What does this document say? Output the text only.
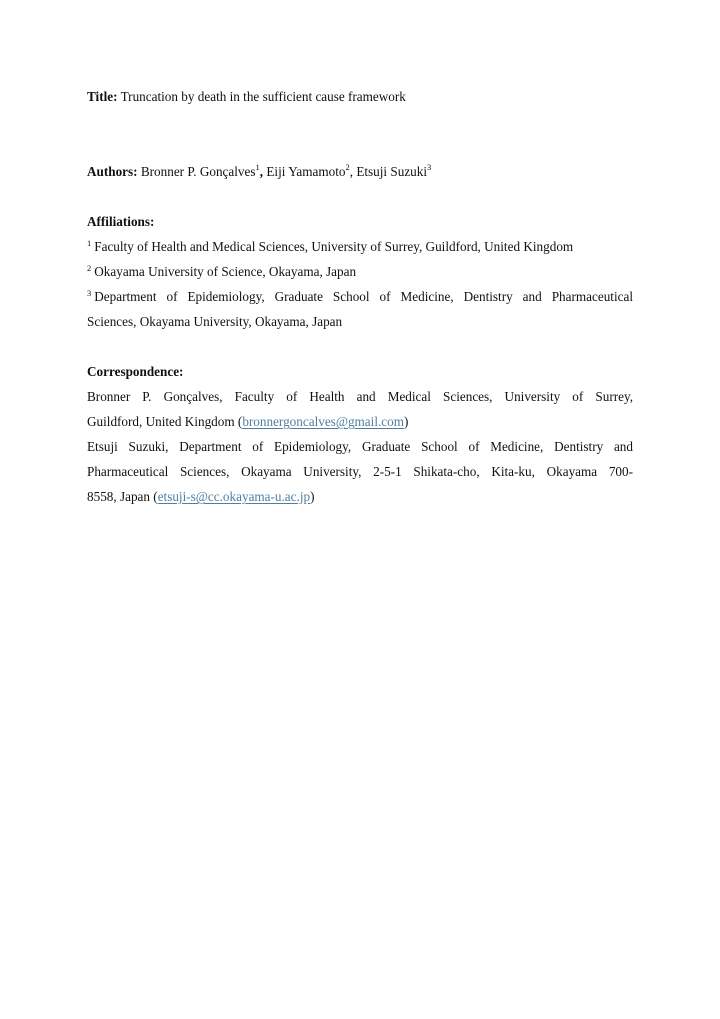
Title: Truncation by death in the sufficient cause framework
Authors: Bronner P. Gonçalves$^1$, Eiji Yamamoto$^2$, Etsuji Suzuki$^3$
Affiliations:
$^1$ Faculty of Health and Medical Sciences, University of Surrey, Guildford, United Kingdom
$^2$ Okayama University of Science, Okayama, Japan
$^3$ Department of Epidemiology, Graduate School of Medicine, Dentistry and Pharmaceutical
Sciences, Okayama University, Okayama, Japan
Correspondence:
Bronner P. Gonçalves, Faculty of Health and Medical Sciences, University of Surrey,
Guildford, United Kingdom (bronnergoncalves@gmail.com)
Etsuji Suzuki, Department of Epidemiology, Graduate School of Medicine, Dentistry and
Pharmaceutical Sciences, Okayama University, 2-5-1 Shikata-cho, Kita-ku, Okayama 700-
8558, Japan (etsuji-s@cc.okayama-u.ac.jp)
